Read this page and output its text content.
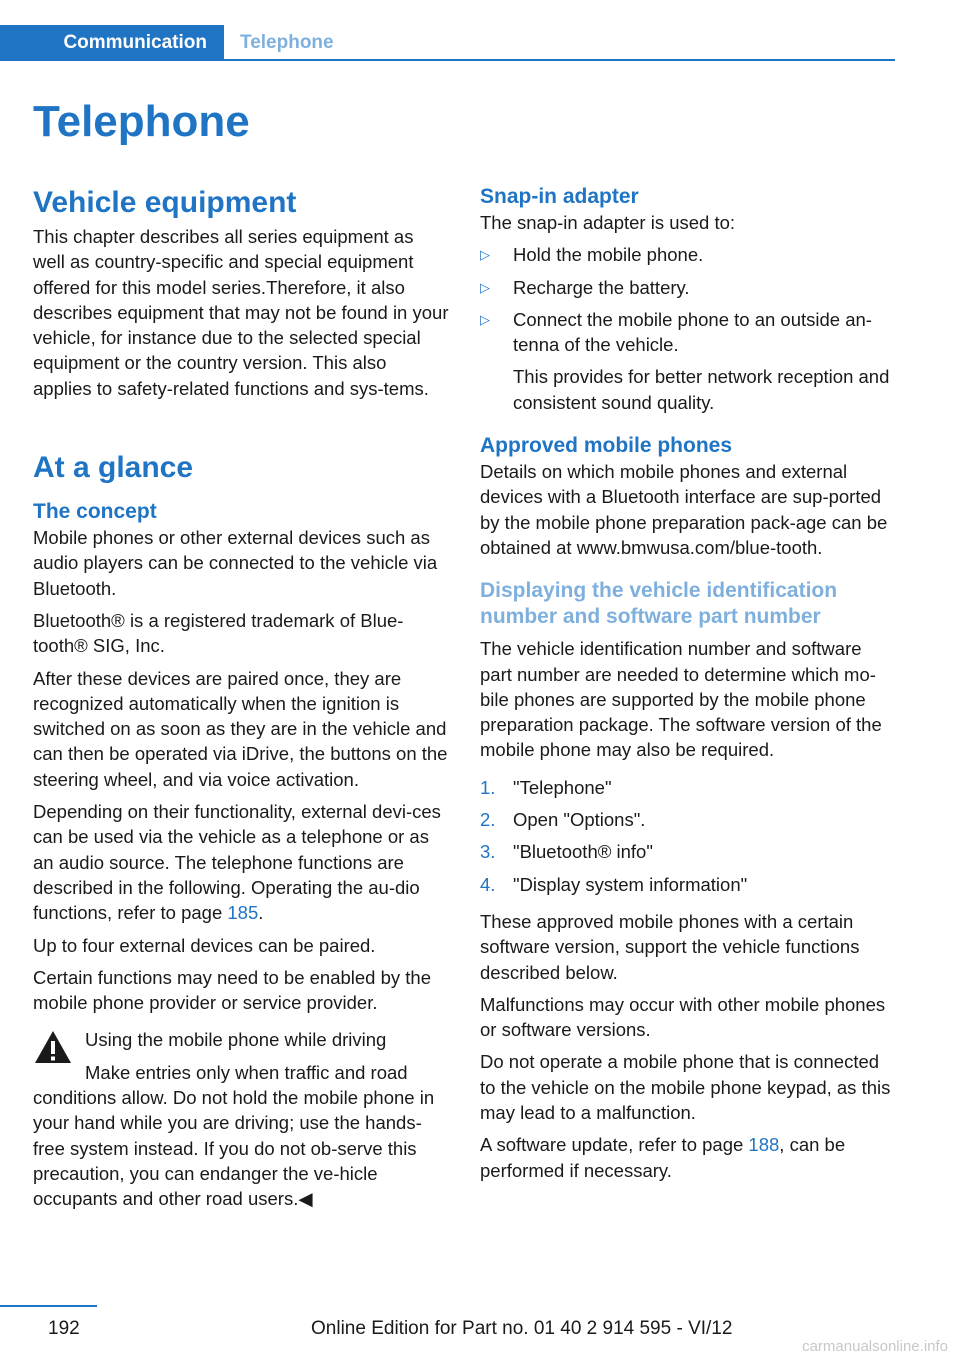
Communication	Telephone
Telephone
Vehicle equipment

This chapter describes all series equipment as well as country-specific and special equipment offered for this model series.Therefore, it also describes equipment that may not be found in your vehicle, for instance due to the selected special equipment or the country version. This also applies to safety-related functions and sys-tems.

At a glance
The concept

Mobile phones or other external devices such as audio players can be connected to the vehicle via Bluetooth.

Bluetooth® is a registered trademark of Blue-tooth® SIG, Inc.

After these devices are paired once, they are recognized automatically when the ignition is switched on as soon as they are in the vehicle and can then be operated via iDrive, the buttons on the steering wheel, and via voice activation.

Depending on their functionality, external devi-ces can be used via the vehicle as a telephone or as an audio source. The telephone functions are described in the following. Operating the au-dio functions, refer to page 185.

Up to four external devices can be paired.

Certain functions may need to be enabled by the mobile phone provider or service provider.

Using the mobile phone while driving

Make entries only when traffic and road

conditions allow. Do not hold the mobile phone in your hand while you are driving; use the hands-free system instead. If you do not ob-serve this precaution, you can endanger the ve-hicle occupants and other road users.◀

Snap-in adapter

The snap-in adapter is used to:

▷ Hold the mobile phone.
▷ Recharge the battery.
▷ Connect the mobile phone to an outside an-tenna of the vehicle.
This provides for better network reception and consistent sound quality.
Approved mobile phones

Details on which mobile phones and external devices with a Bluetooth interface are sup-ported by the mobile phone preparation pack-age can be obtained at www.bmwusa.com/blue-tooth.

Displaying the vehicle identification number and software part number

The vehicle identification number and software part number are needed to determine which mo-bile phones are supported by the mobile phone preparation package. The software version of the mobile phone may also be required.

1. "Telephone"
2. Open "Options".
3. "Bluetooth® info"
4. "Display system information"

These approved mobile phones with a certain software version, support the vehicle functions described below.

Malfunctions may occur with other mobile phones or software versions.

Do not operate a mobile phone that is connected to the vehicle on the mobile phone keypad, as this may lead to a malfunction.

A software update, refer to page 188, can be performed if necessary.

192	Online Edition for Part no. 01 40 2 914 595 - VI/12
carmanualsonline.info
